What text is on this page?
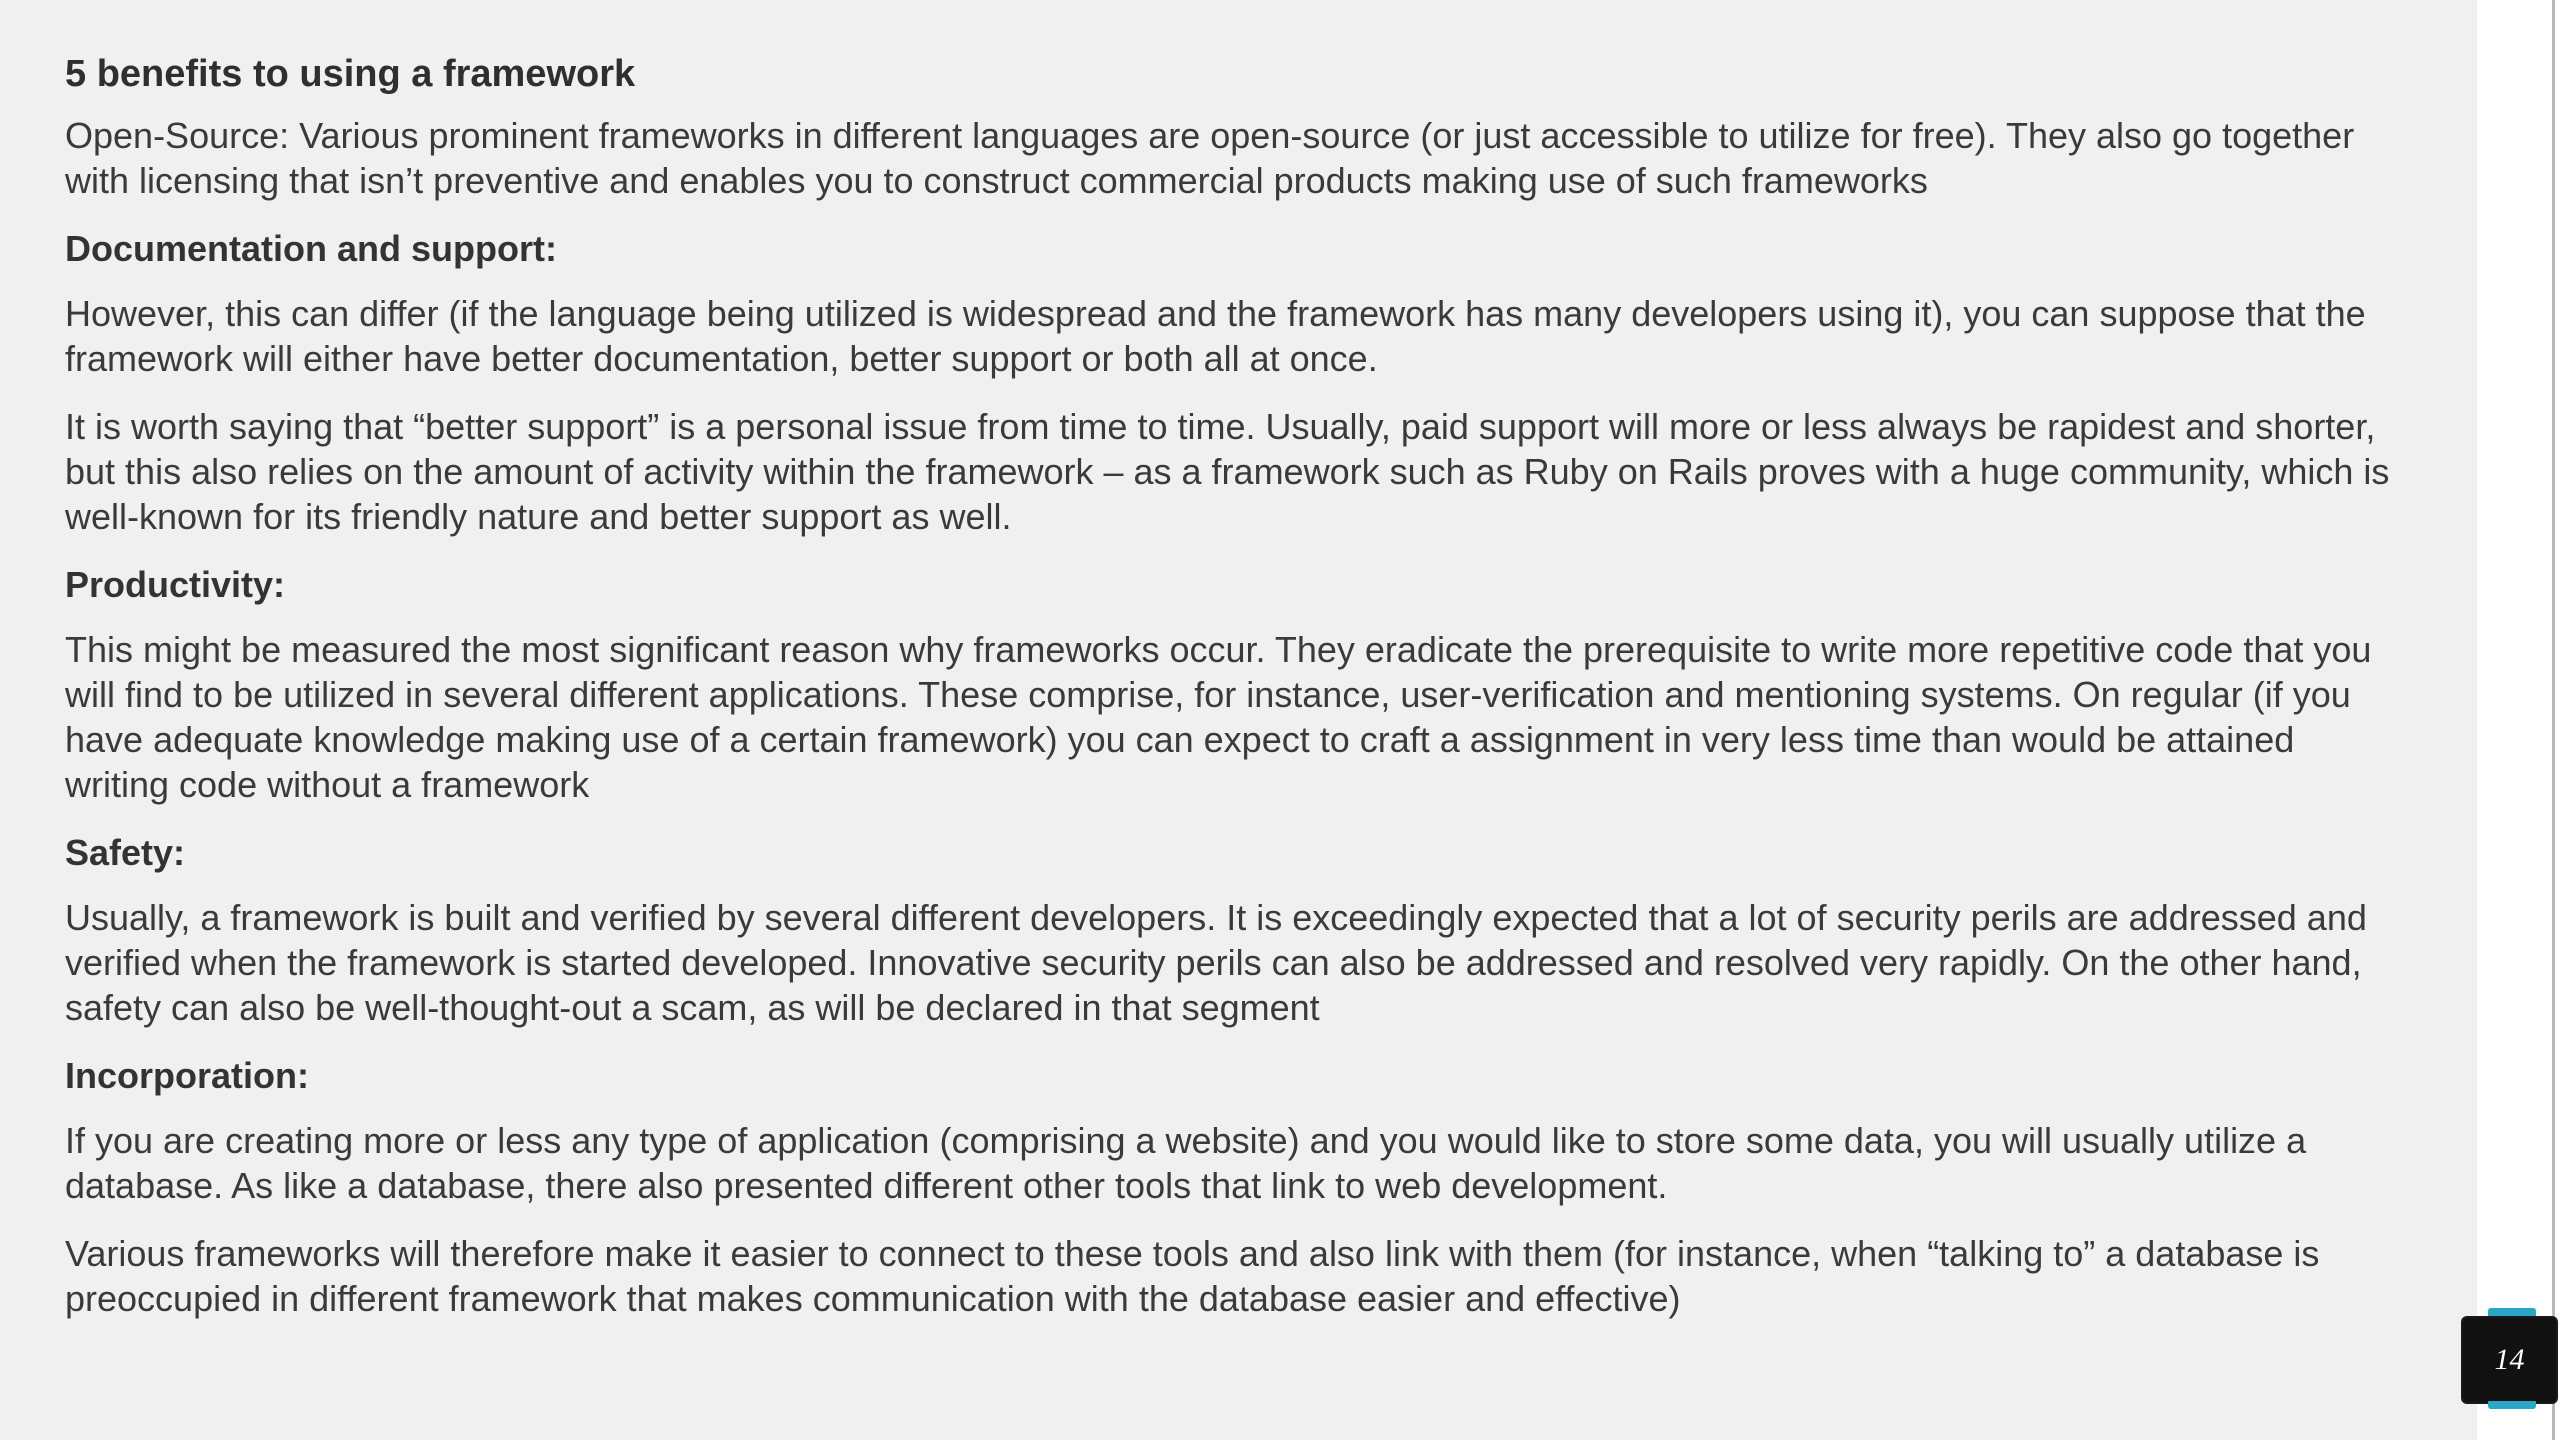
5 benefits to using a framework
Open-Source: Various prominent frameworks in different languages are open-source (or just accessible to utilize for free). They also go together with licensing that isn’t preventive and enables you to construct commercial products making use of such frameworks
Documentation and support:
However, this can differ (if the language being utilized is widespread and the framework has many developers using it), you can suppose that the framework will either have better documentation, better support or both all at once.
It is worth saying that “better support” is a personal issue from time to time. Usually, paid support will more or less always be rapidest and shorter, but this also relies on the amount of activity within the framework – as a framework such as Ruby on Rails proves with a huge community, which is well-known for its friendly nature and better support as well.
Productivity:
This might be measured the most significant reason why frameworks occur. They eradicate the prerequisite to write more repetitive code that you will find to be utilized in several different applications. These comprise, for instance, user-verification and mentioning systems. On regular (if you have adequate knowledge making use of a certain framework) you can expect to craft a assignment in very less time than would be attained writing code without a framework
Safety:
Usually, a framework is built and verified by several different developers. It is exceedingly expected that a lot of security perils are addressed and verified when the framework is started developed. Innovative security perils can also be addressed and resolved very rapidly. On the other hand, safety can also be well-thought-out a scam, as will be declared in that segment
Incorporation:
If you are creating more or less any type of application (comprising a website) and you would like to store some data, you will usually utilize a database. As like a database, there also presented different other tools that link to web development.
Various frameworks will therefore make it easier to connect to these tools and also link with them (for instance, when “talking to” a database is preoccupied in different framework that makes communication with the database easier and effective)
14
